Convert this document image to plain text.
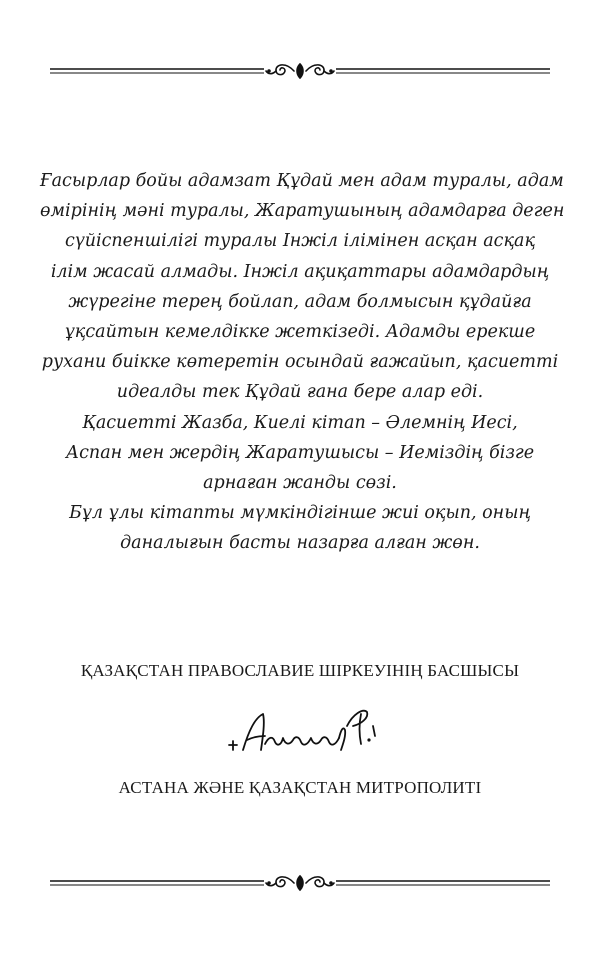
Ғасырлар бойы адамзат Құдай мен адам туралы, адам
өмірінің мәні туралы, Жаратушының адамдарға деген
сүйіспеншілігі туралы Інжіл ілімінен асқан асқақ
ілім жасай алмады. Інжіл ақиқаттары адамдардың
жүрегіне терең бойлап, адам болмысын құдайға
ұқсайтын кемелдікке жеткізеді. Адамды ерекше
рухани биікке көтеретін осындай ғажайып, қасиетті
идеалды тек Құдай ғана бере алар еді.
Қасиетті Жазба, Киелі кітап – Әлемнің Иесі,
Аспан мен жердің Жаратушысы – Иеміздің бізге
арнаған жанды сөзі.
Бұл ұлы кітапты мүмкіндігінше жиі оқып, оның
даналығын басты назарға алған жөн.
ҚАЗАҚСТАН ПРАВОСЛАВИЕ ШІРКЕУІНІҢ БАСШЫСЫ
АСТАНА ЖӘНЕ ҚАЗАҚСТАН МИТРОПОЛИТІ
